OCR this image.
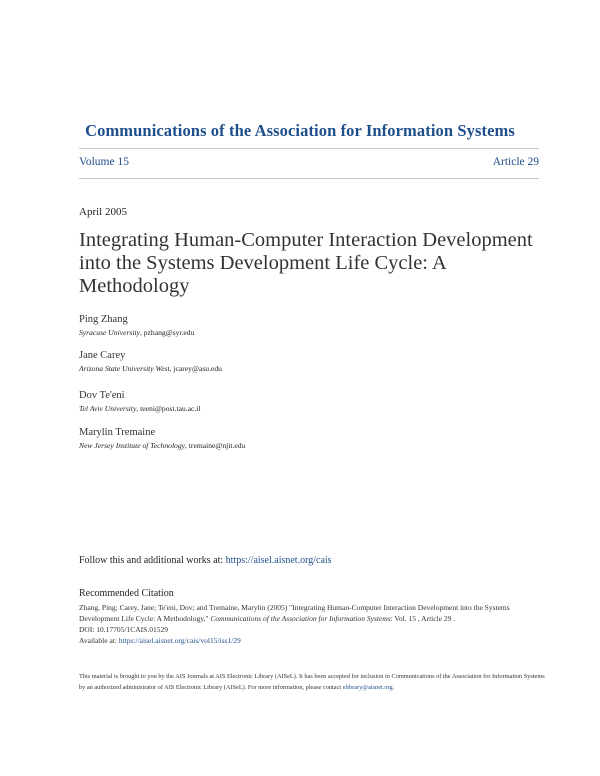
Communications of the Association for Information Systems
Volume 15	Article 29
April 2005
Integrating Human-Computer Interaction Development into the Systems Development Life Cycle: A Methodology
Ping Zhang
Syracuse University, pzhang@syr.edu
Jane Carey
Arizona State University West, jcarey@asu.edu
Dov Te'eni
Tel Aviv University, teeni@post.tau.ac.il
Marylin Tremaine
New Jersey Institute of Technology, tremaine@njit.edu
Follow this and additional works at: https://aisel.aisnet.org/cais
Recommended Citation
Zhang, Ping; Carey, Jane; Te'eni, Dov; and Tremaine, Marylin (2005) "Integrating Human-Computer Interaction Development into the Systems Development Life Cycle: A Methodology," Communications of the Association for Information Systems: Vol. 15 , Article 29 .
DOI: 10.17705/1CAIS.01529
Available at: https://aisel.aisnet.org/cais/vol15/iss1/29
This material is brought to you by the AIS Journals at AIS Electronic Library (AISeL). It has been accepted for inclusion in Communications of the Association for Information Systems by an authorized administrator of AIS Electronic Library (AISeL). For more information, please contact elibrary@aisnet.org.
